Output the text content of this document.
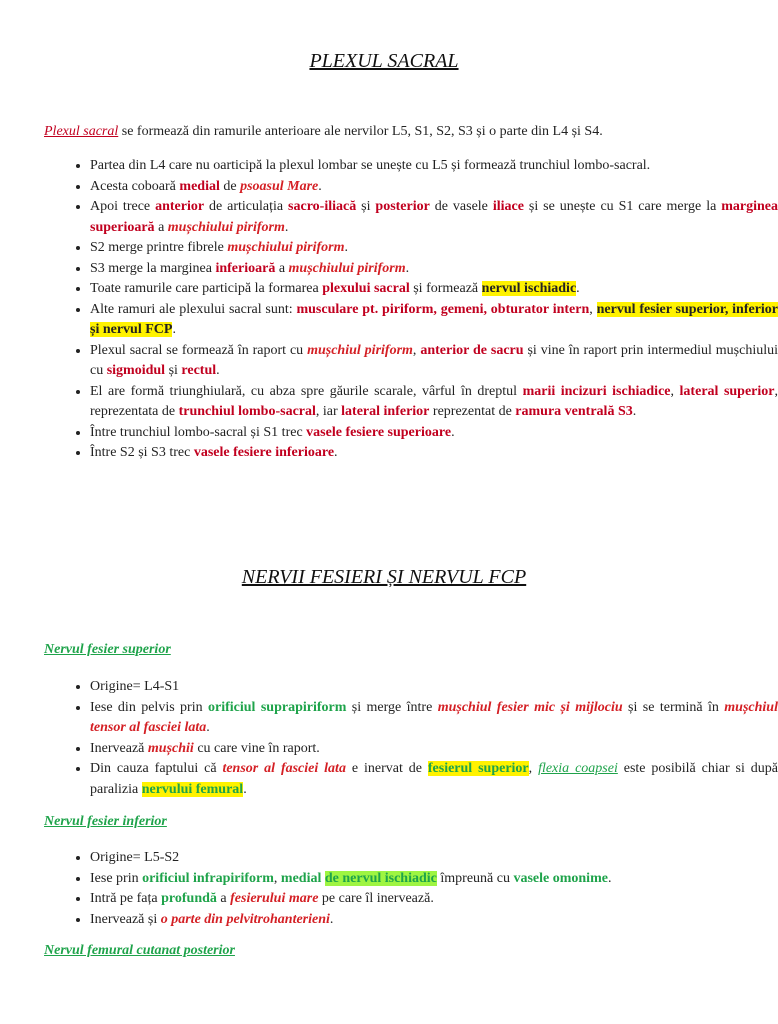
PLEXUL SACRAL
Plexul sacral se formează din ramurile anterioare ale nervilor L5, S1, S2, S3 și o parte din L4 și S4.
• Partea din L4 care nu oarticipă la plexul lombar se unește cu L5 și formează trunchiul lombo-sacral.
• Acesta coboară medial de psoasul Mare.
• Apoi trece anterior de articulația sacro-iliacă și posterior de vasele iliace și se unește cu S1 care merge la marginea superioară a mușchiului piriform.
• S2 merge printre fibrele mușchiului piriform.
• S3 merge la marginea inferioară a mușchiului piriform.
• Toate ramurile care participă la formarea plexului sacral și formează nervul ischiadic.
• Alte ramuri ale plexului sacral sunt: musculare pt. piriform, gemeni, obturator intern, nervul fesier superior, inferior și nervul FCP.
• Plexul sacral se formează în raport cu mușchiul piriform, anterior de sacru și vine în raport prin intermediul mușchiului cu sigmoidul și rectul.
• El are formă triunghiulară, cu abza spre găurile scarale, vârful în dreptul marii incizuri ischiadice, lateral superior, reprezentata de trunchiul lombo-sacral, iar lateral inferior reprezentat de ramura ventrală S3.
• Între trunchiul lombo-sacral și S1 trec vasele fesiere superioare.
• Între S2 și S3 trec vasele fesiere inferioare.
NERVII FESIERI ȘI NERVUL FCP
Nervul fesier superior
• Origine= L4-S1
• Iese din pelvis prin orificiul suprapiriform și merge între mușchiul fesier mic și mijlociu și se termină în mușchiul tensor al fasciei lata.
• Inervează mușchii cu care vine în raport.
• Din cauza faptului că tensor al fasciei lata e inervat de fesierul superior, flexia coapsei este posibilă chiar si după paralizia nervului femural.
Nervul fesier inferior
• Origine= L5-S2
• Iese prin orificiul infrapiriform, medial de nervul ischiadic împreună cu vasele omonime.
• Intră pe fața profundă a fesierului mare pe care îl inervează.
• Inervează și o parte din pelvitrohanterieni.
Nervul femural cutanat posterior
